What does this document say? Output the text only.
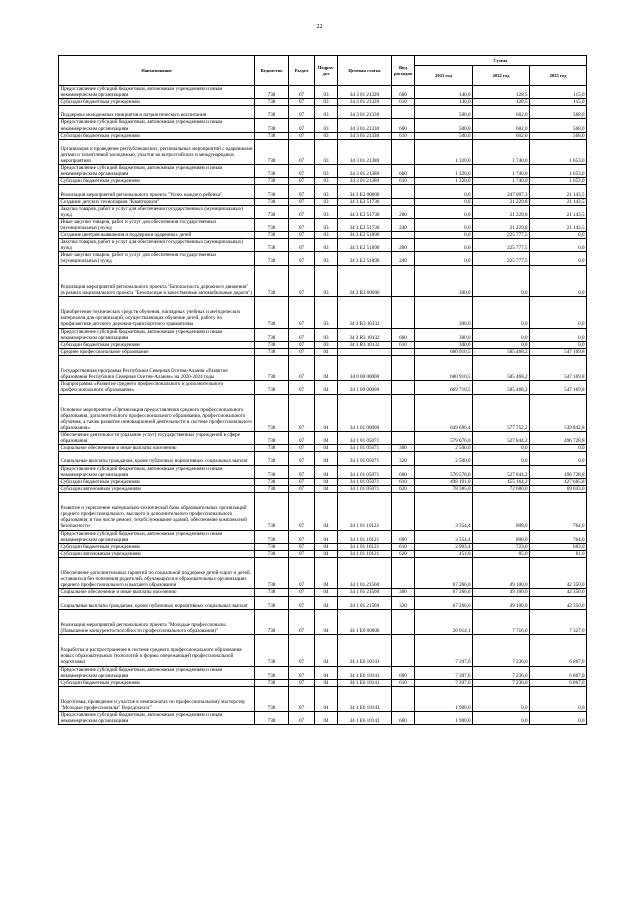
22
Наименование	Ведомство	Раздел	Подраз-дел	Целевая статья	Вид расходов	Сумма		
						2021 год	2022 год	2023 год
Предоставление субсидий бюджетным, автономным учреждениям и иным некоммерческим организациям	738	07	03	34 3 01 21320	600	140,0	128,5	115,0
Субсидии бюджетным учреждениям	738	07	03	34 3 01 21320	610	140,0	128,5	115,0
Поддержка молодежных инициатив и патриотического воспитания	738	07	03	34 3 01 21330		500,0	602,0	568,0
Предоставление субсидий бюджетным, автономным учреждениям и иным некоммерческим организациям	738	07	03	34 3 01 21330	600	500,0	602,0	568,0
Субсидии бюджетным учреждениям	738	07	03	34 3 01 21330	610	500,0	602,0	568,0
Организация и проведение республиканских, региональных мероприятий с одаренными детьми и талантливой молодежью, участие во всероссийских и международных мероприятиях	738	07	03	34 3 01 21380		1 320,0	1 740,0	1 653,0
Предоставление субсидий бюджетным, автономным учреждениям и иным некоммерческим организациям	738	07	03	34 3 01 21380	600	1 320,0	1 740,0	1 653,0
Субсидии бюджетным учреждениям	738	07	03	34 3 01 21380	610	1 320,0	1 740,0	1 653,0
Реализация мероприятий регионального проекта "Успех каждого ребенка"	738	07	03	34 3 E2 00000		0,0	247 007,3	21 143,5
Создание детских технопарков "Кванториум"	738	07	03	34 3 E2 51730		0,0	21 229,8	21 143,5
Закупка товаров, работ и услуг для обеспечения государственных (муниципальных) нужд	738	07	03	34 3 E2 51730	200	0,0	21 229,8	21 143,5
Иные закупки товаров, работ и услуг для обеспечения государственных (муниципальных) нужд	738	07	03	34 3 E2 51730	240	0,0	21 229,8	21 143,5
Создание центров выявления и поддержки одаренных детей	738	07	03	34 3 E2 51890		0,0	225 777,5	0,0
Закупка товаров, работ и услуг для обеспечения государственных (муниципальных) нужд	738	07	03	34 3 E2 51890	200	0,0	225 777,5	0,0
Иные закупки товаров, работ и услуг для обеспечения государственных (муниципальных) нужд	738	07	03	34 3 E2 51890	240	0,0	225 777,5	0,0
Реализация мероприятий регионального проекта "Безопасность дорожного движения" (в рамках национального проекта "Безопасные и качественные автомобильные дороги")	738	07	03	34 3 R3 00000		300,0	0,0	0,0
Приобретение технических средств обучения, наглядных учебных и методических материалов для организаций, осуществляющих обучение детей, работу по профилактике детского дорожно-транспортного травматизма	738	07	03	34 3 R3 10132		300,0	0,0	0,0
Предоставление субсидий бюджетным, автономным учреждениям и иным некоммерческим организациям	738	07	03	34 3 R3 10132	600	300,0	0,0	0,0
Субсидии бюджетным учреждениям	738	07	03	34 3 R3 10132	610	300,0	0,0	0,0
Среднее профессиональное образование	738	07	04			680 910,5	585 468,2	547 169,8
Государственная программа Республики Северная Осетия-Алания «Развитие образования Республики Северная Осетия-Алания» на 2020-2024 годы	738	07	04	34 0 00 00000		680 910,5	585 468,2	547 169,8
Подпрограмма «Развитие среднего профессионального и дополнительного профессионального образования»	738	07	04	34 1 00 00000		669 710,5	585 468,2	547 169,8
Основное мероприятие «Организация предоставления среднего профессионального образования, дополнительного профессионального образования, профессионального обучения, а также развитие инновационной деятельности в системе профессионального образования»	738	07	04	34 1 01 00000		649 696,4	577 752,2	539 842,8
Обеспечение деятельности (оказание услуг) государственных учреждений в сфере образования	738	07	04	34 1 01 05071		579 076,0	527 844,2	496 728,8
Социальное обеспечение и иные выплаты населению	738	07	04	34 1 01 05071	300	2 500,0	0,0	0,0
Социальные выплаты гражданам, кроме публичных нормативных социальных выплат	738	07	04	34 1 01 05071	320	2 500,0	0,0	0,0
Предоставление субсидий бюджетным, автономным учреждениям и иным некоммерческим организациям	738	07	04	34 1 01 05071	600	576 576,0	527 844,2	496 728,8
Субсидии бюджетным учреждениям	738	07	04	34 1 01 05071	610	498 191,0	455 164,2	427 685,8
Субсидии автономным учреждениям	738	07	04	34 1 01 05071	620	78 385,0	72 680,0	69 043,0
Развитие и укрепление материально-технической базы образовательных организаций среднего профессионального, высшего и дополнительного профессионального образования, в том числе ремонт, техобслуживание зданий, обеспечение комплексной безопасности	738	07	04	34 1 01 10121		3 354,4	808,0	764,0
Предоставление субсидий бюджетным, автономным учреждениям и иным некоммерческим организациям	738	07	04	34 1 01 10121	600	3 354,4	808,0	764,0
Субсидии бюджетным учреждениям	738	07	04	34 1 01 10121	610	2 903,4	723,0	683,0
Субсидии автономным учреждениям	738	07	04	34 1 01 10121	620	451,0	85,0	81,0
Обеспечение дополнительных гарантий по социальной поддержке детей-сирот и детей, оставшихся без попечения родителей, обучающихся в образовательных организациях среднего профессионального и высшего образования	738	07	04	34 1 01 21560		67 266,0	49 100,0	42 350,0
Социальное обеспечение и иные выплаты населению	738	07	04	34 1 01 21560	300	67 266,0	49 100,0	42 350,0
Социальные выплаты гражданам, кроме публичных нормативных социальных выплат	738	07	04	34 1 01 21560	320	67 266,0	49 100,0	42 350,0
Реализация мероприятий регионального проекта "Молодые профессионалы (Повышение конкурентоспособности профессионального образования)"	738	07	04	34 1 E6 00000		20 014,1	7 716,0	7 327,0
Разработка и распространение в системе среднего профессионального образования новых образовательных технологий и формы опережающей профессиональной подготовки	738	07	04	34 1 E6 10141		7 397,0	7 236,0	6 867,0
Предоставление субсидий бюджетным, автономным учреждениям и иным некоммерческим организациям	738	07	04	34 1 E6 10141	600	7 397,0	7 236,0	6 867,0
Субсидии бюджетным учреждениям	738	07	04	34 1 E6 10141	610	7 397,0	7 236,0	6 867,0
Подготовка, проведение и участие в чемпионатах по профессиональному мастерству "Молодые профессионалы" Ворлдскиллс"	738	07	04	34 1 E6 10143		1 900,0	0,0	0,0
Предоставление субсидий бюджетным, автономным учреждениям и иным некоммерческим организациям	738	07	04	34 1 E6 10143	600	1 900,0	0,0	0,0
